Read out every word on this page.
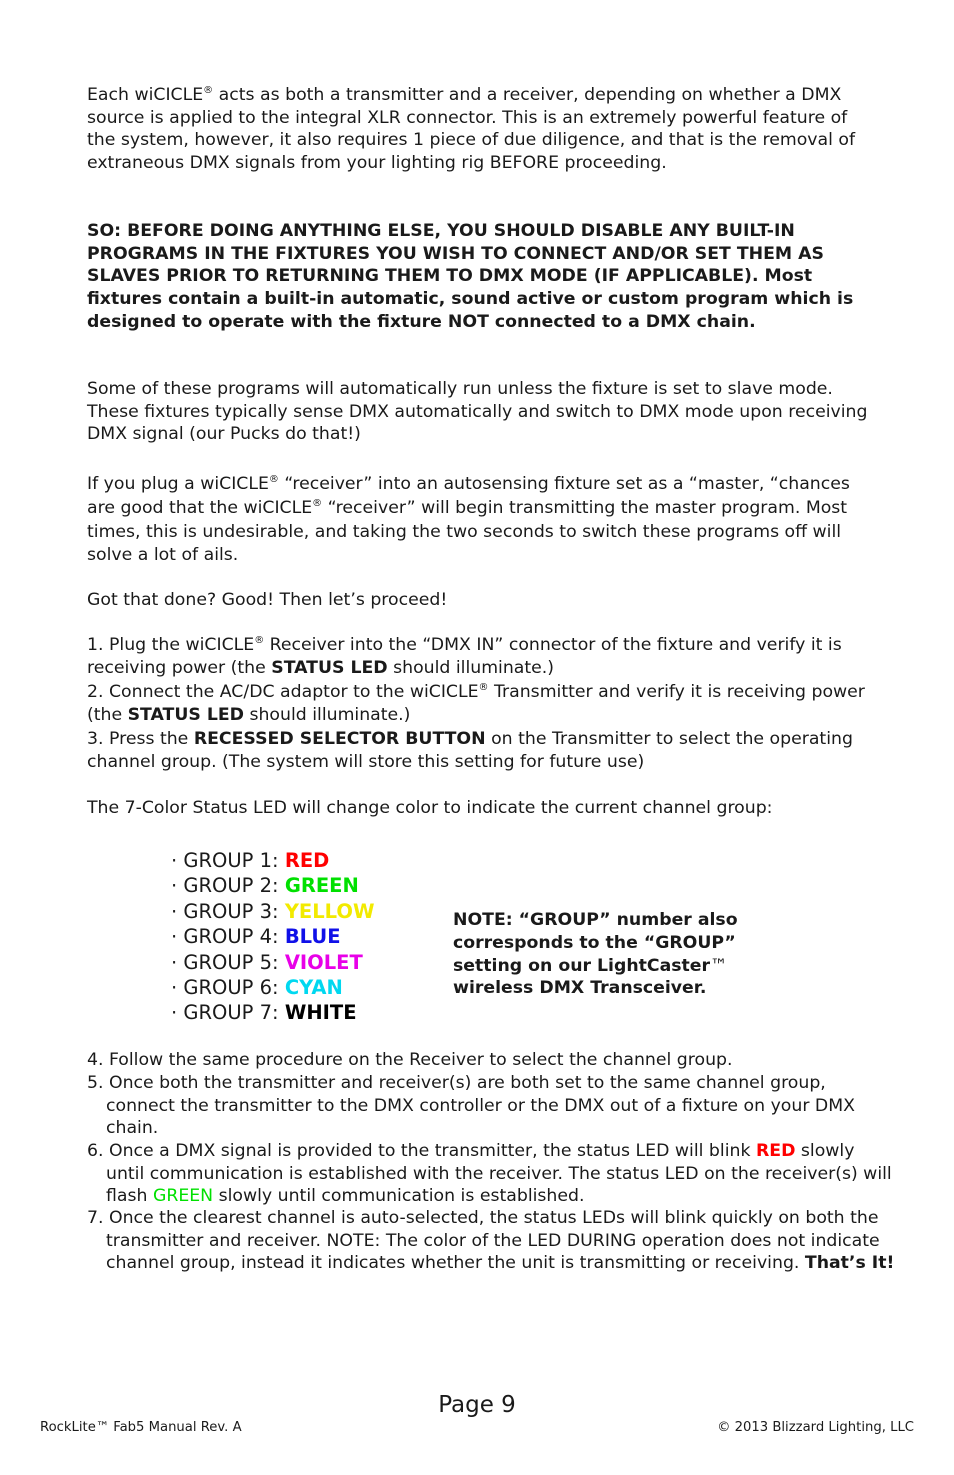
Each wiCICLE® acts as both a transmitter and a receiver, depending on whether a DMX source is applied to the integral XLR connector. This is an extremely powerful feature of the system, however, it also requires 1 piece of due diligence, and that is the removal of extraneous DMX signals from your lighting rig BEFORE proceeding.

SO: BEFORE DOING ANYTHING ELSE, YOU SHOULD DISABLE ANY BUILT-IN PROGRAMS IN THE FIXTURES YOU WISH TO CONNECT AND/OR SET THEM AS SLAVES PRIOR TO RETURNING THEM TO DMX MODE (IF APPLICABLE). Most fixtures contain a built-in automatic, sound active or custom program which is designed to operate with the fixture NOT connected to a DMX chain.

Some of these programs will automatically run unless the fixture is set to slave mode. These fixtures typically sense DMX automatically and switch to DMX mode upon receiving DMX signal (our Pucks do that!)

If you plug a wiCICLE® “receiver” into an autosensing fixture set as a “master, “chances are good that the wiCICLE® “receiver” will begin transmitting the master program. Most times, this is undesirable, and taking the two seconds to switch these programs off will solve a lot of ails.

Got that done? Good! Then let’s proceed!

1. Plug the wiCICLE® Receiver into the “DMX IN” connector of the fixture and verify it is receiving power (the STATUS LED should illuminate.)

2. Connect the AC/DC adaptor to the wiCICLE® Transmitter and verify it is receiving power (the STATUS LED should illuminate.)

3. Press the RECESSED SELECTOR BUTTON on the Transmitter to select the operating channel group. (The system will store this setting for future use)

The 7-Color Status LED will change color to indicate the current channel group:

· GROUP 1: RED
· GROUP 2: GREEN
· GROUP 3: YELLOW
· GROUP 4: BLUE
· GROUP 5: VIOLET
· GROUP 6: CYAN
· GROUP 7: WHITE

NOTE: “GROUP” number also corresponds to the “GROUP” setting on our LightCaster™ wireless DMX Transceiver.

4. Follow the same procedure on the Receiver to select the channel group.

5. Once both the transmitter and receiver(s) are both set to the same channel group, connect the transmitter to the DMX controller or the DMX out of a fixture on your DMX chain.

6. Once a DMX signal is provided to the transmitter, the status LED will blink RED slowly until communication is established with the receiver. The status LED on the receiver(s) will flash GREEN slowly until communication is established.

7. Once the clearest channel is auto-selected, the status LEDs will blink quickly on both the transmitter and receiver. NOTE: The color of the LED DURING operation does not indicate channel group, instead it indicates whether the unit is transmitting or receiving. That’s It!

Page 9
RockLite™ Fab5 Manual Rev. A	© 2013 Blizzard Lighting, LLC
